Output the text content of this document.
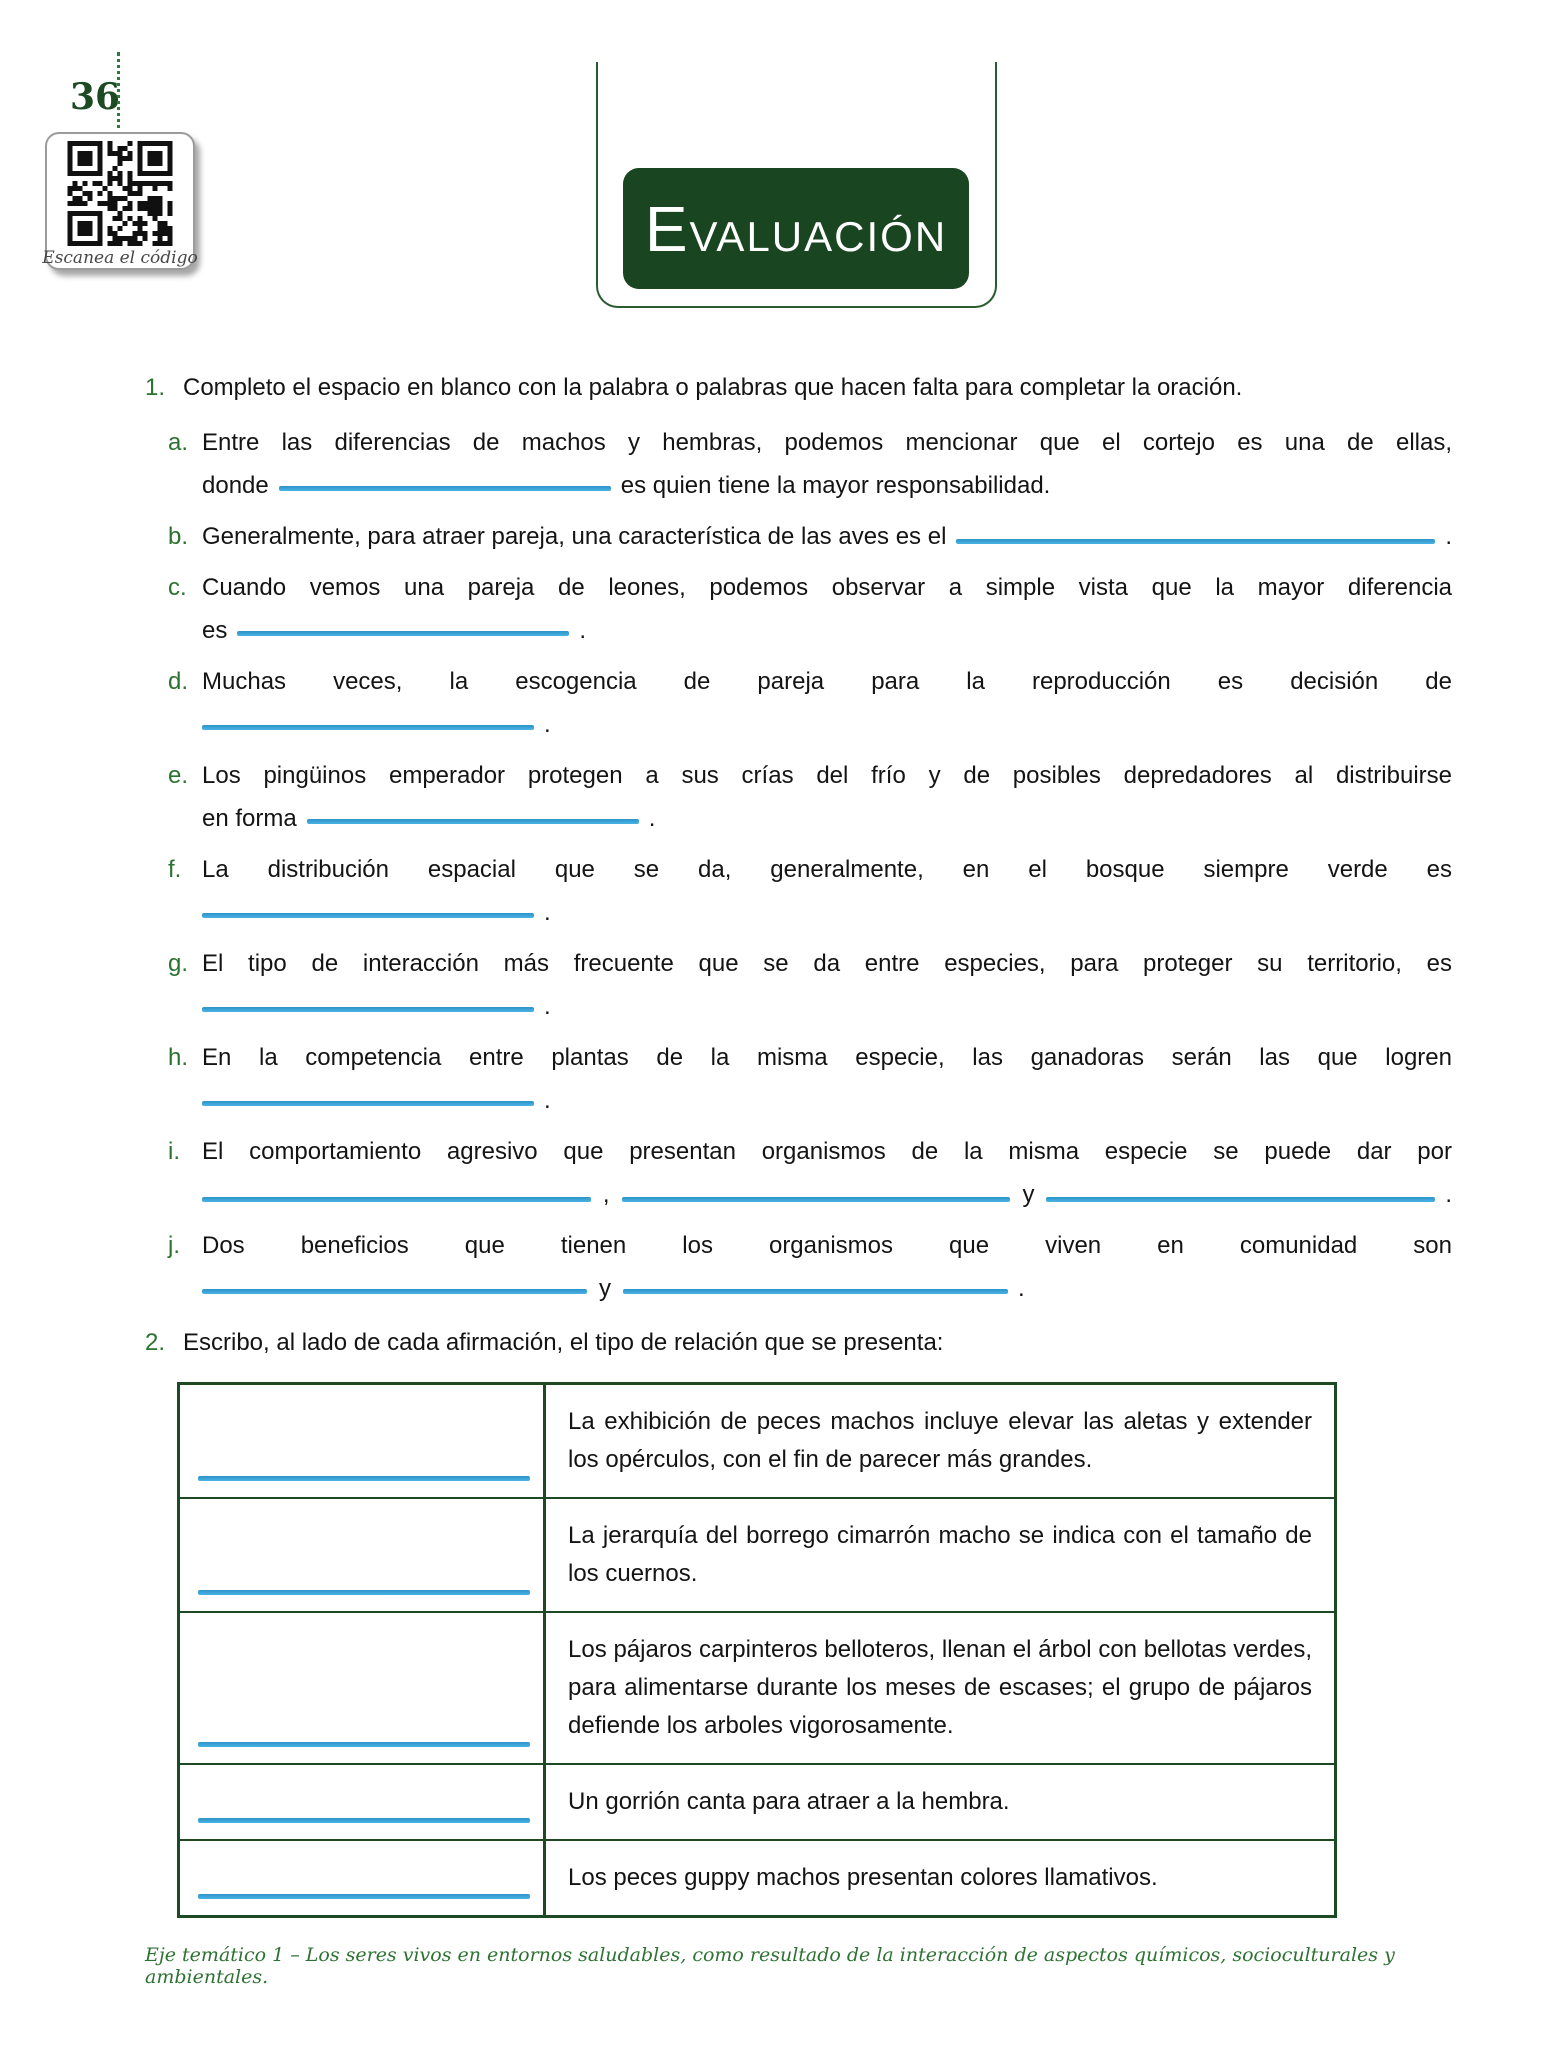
36
Escanea el código	E VALUACIÓN
1. Completo el espacio en blanco con la palabra o palabras que hacen falta para completar la oración.
a. Entre las diferencias de machos y hembras, podemos mencionar que el cortejo es una de ellas,
donde	es quien tiene la mayor responsabilidad.
b. Generalmente, para atraer pareja, una característica de las aves es el	.
c. Cuando vemos una pareja de leones, podemos observar a simple vista que la mayor diferencia
es	.
d. Muchas veces, la escogencia de pareja para la reproducción es decisión de
.
e. Los pingüinos emperador protegen a sus crías del frío y de posibles depredadores al distribuirse
en forma	.
f. La distribución espacial que se da, generalmente, en el bosque siempre verde es
.
g. El tipo de interacción más frecuente que se da entre especies, para proteger su territorio, es
.
h. En la competencia entre plantas de la misma especie, las ganadoras serán las que logren
.
i. El comportamiento agresivo que presentan organismos de la misma especie se puede dar por
,	y	.
j. Dos beneficios que tienen los organismos que viven en comunidad son
y	.
2. Escribo, al lado de cada afirmación, el tipo de relación que se presenta:
La exhibición de peces machos incluye elevar las aletas y extender los opérculos, con el fin de parecer más grandes.
La jerarquía del borrego cimarrón macho se indica con el tamaño de los cuernos.
Los pájaros carpinteros belloteros, llenan el árbol con bellotas verdes, para alimentarse durante los meses de escases; el grupo de pájaros defiende los arboles vigorosamente.
Un gorrión canta para atraer a la hembra.
Los peces guppy machos presentan colores llamativos.
Eje temático 1 – Los seres vivos en entornos saludables, como resultado de la interacción de aspectos químicos, socioculturales y ambientales.
